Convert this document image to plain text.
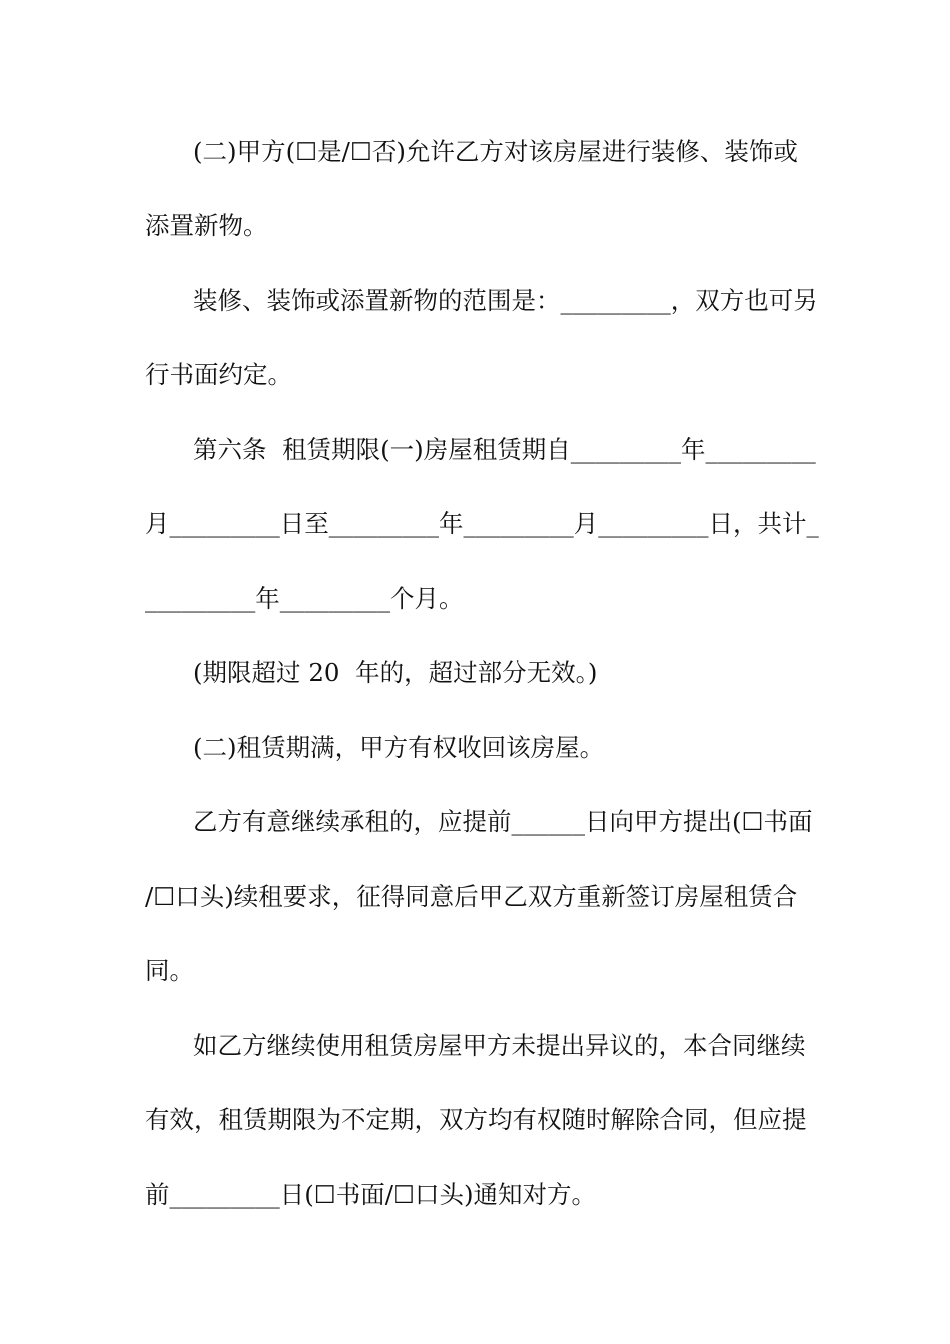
(二)甲方(☐是/☐否)允许乙方对该房屋进行装修、装饰或
添置新物。
装修、装饰或添置新物的范围是：_________，双方也可另
行书面约定。
第六条  租赁期限(一)房屋租赁期自_________年_________
月_________日至_________年_________月_________日，共计_
_________年_________个月。
(期限超过 20  年的，超过部分无效。)
(二)租赁期满，甲方有权收回该房屋。
乙方有意继续承租的，应提前______日向甲方提出(☐书面
/☐口头)续租要求，征得同意后甲乙双方重新签订房屋租赁合
同。
如乙方继续使用租赁房屋甲方未提出异议的，本合同继续
有效，租赁期限为不定期，双方均有权随时解除合同，但应提
前_________日(☐书面/☐口头)通知对方。
